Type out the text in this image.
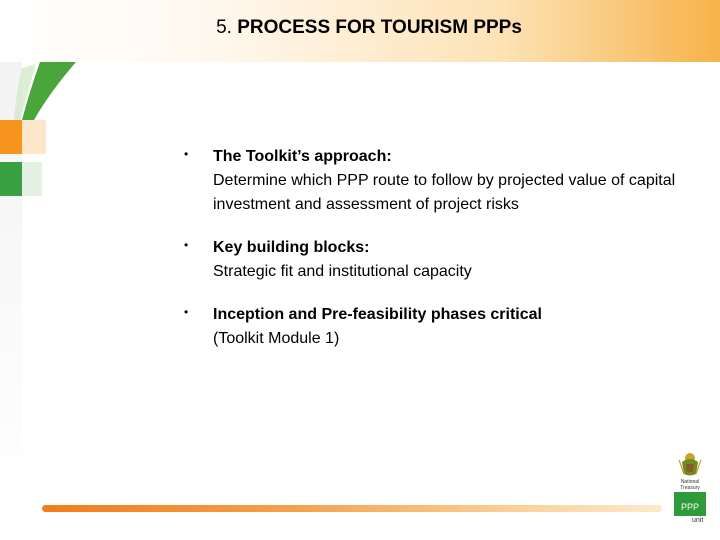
5. PROCESS FOR TOURISM PPPs
• The Toolkit’s approach:
Determine which PPP route to follow by projected value of capital investment and assessment of project risks
• Key building blocks:
Strategic fit and institutional capacity
• Inception and Pre-feasibility phases critical
(Toolkit Module 1)
National
Treasury
PPP
unit
